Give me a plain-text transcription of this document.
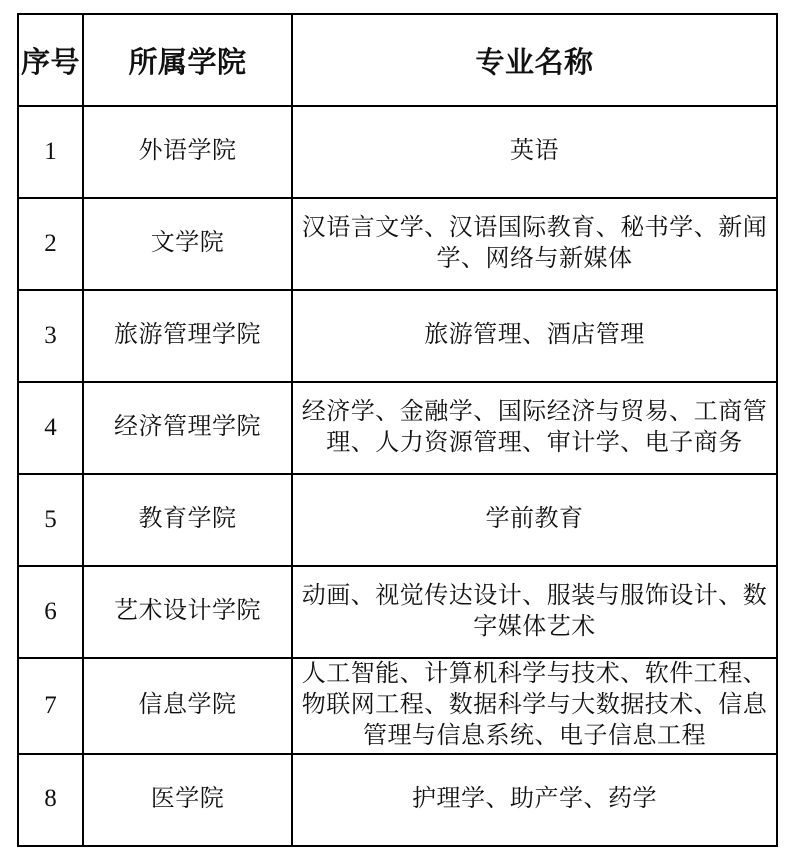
序号	所属学院	专业名称
1	外语学院	英语
2	文学院	汉语言文学、汉语国际教育、秘书学、新闻学、网络与新媒体
3	旅游管理学院	旅游管理、酒店管理
4	经济管理学院	经济学、金融学、国际经济与贸易、工商管理、人力资源管理、审计学、电子商务
5	教育学院	学前教育
6	艺术设计学院	动画、视觉传达设计、服装与服饰设计、数字媒体艺术
7	信息学院	人工智能、计算机科学与技术、软件工程、物联网工程、数据科学与大数据技术、信息管理与信息系统、电子信息工程
8	医学院	护理学、助产学、药学
